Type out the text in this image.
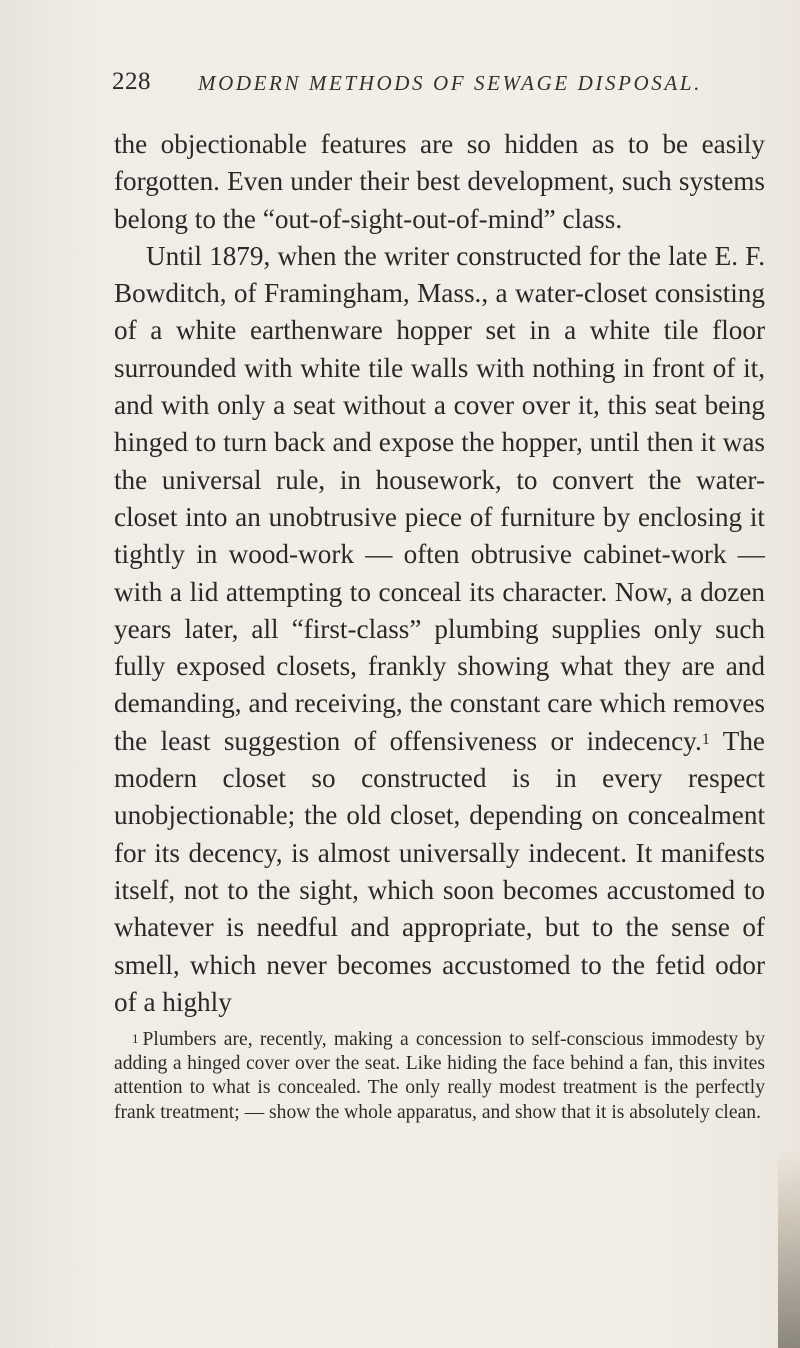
228 MODERN METHODS OF SEWAGE DISPOSAL.

the objectionable features are so hidden as to be easily forgotten. Even under their best development, such systems belong to the “out-of-sight-out-of-mind” class.

Until 1879, when the writer constructed for the late E. F. Bowditch, of Framingham, Mass., a water-closet consisting of a white earthenware hopper set in a white tile floor surrounded with white tile walls with nothing in front of it, and with only a seat without a cover over it, this seat being hinged to turn back and expose the hopper, until then it was the universal rule, in housework, to convert the water-closet into an unobtrusive piece of furniture by enclosing it tightly in wood-work — often obtrusive cabinet-work — with a lid attempting to conceal its character. Now, a dozen years later, all “first-class” plumbing supplies only such fully exposed closets, frankly showing what they are and demanding, and receiving, the constant care which removes the least suggestion of offensiveness or indecency.$^1$ The modern closet so constructed is in every respect unobjectionable; the old closet, depending on concealment for its decency, is almost universally indecent. It manifests itself, not to the sight, which soon becomes accustomed to whatever is needful and appropriate, but to the sense of smell, which never becomes accustomed to the fetid odor of a highly

$^1$ Plumbers are, recently, making a concession to self-conscious immodesty by adding a hinged cover over the seat. Like hiding the face behind a fan, this invites attention to what is concealed. The only really modest treatment is the perfectly frank treatment; — show the whole apparatus, and show that it is absolutely clean.
